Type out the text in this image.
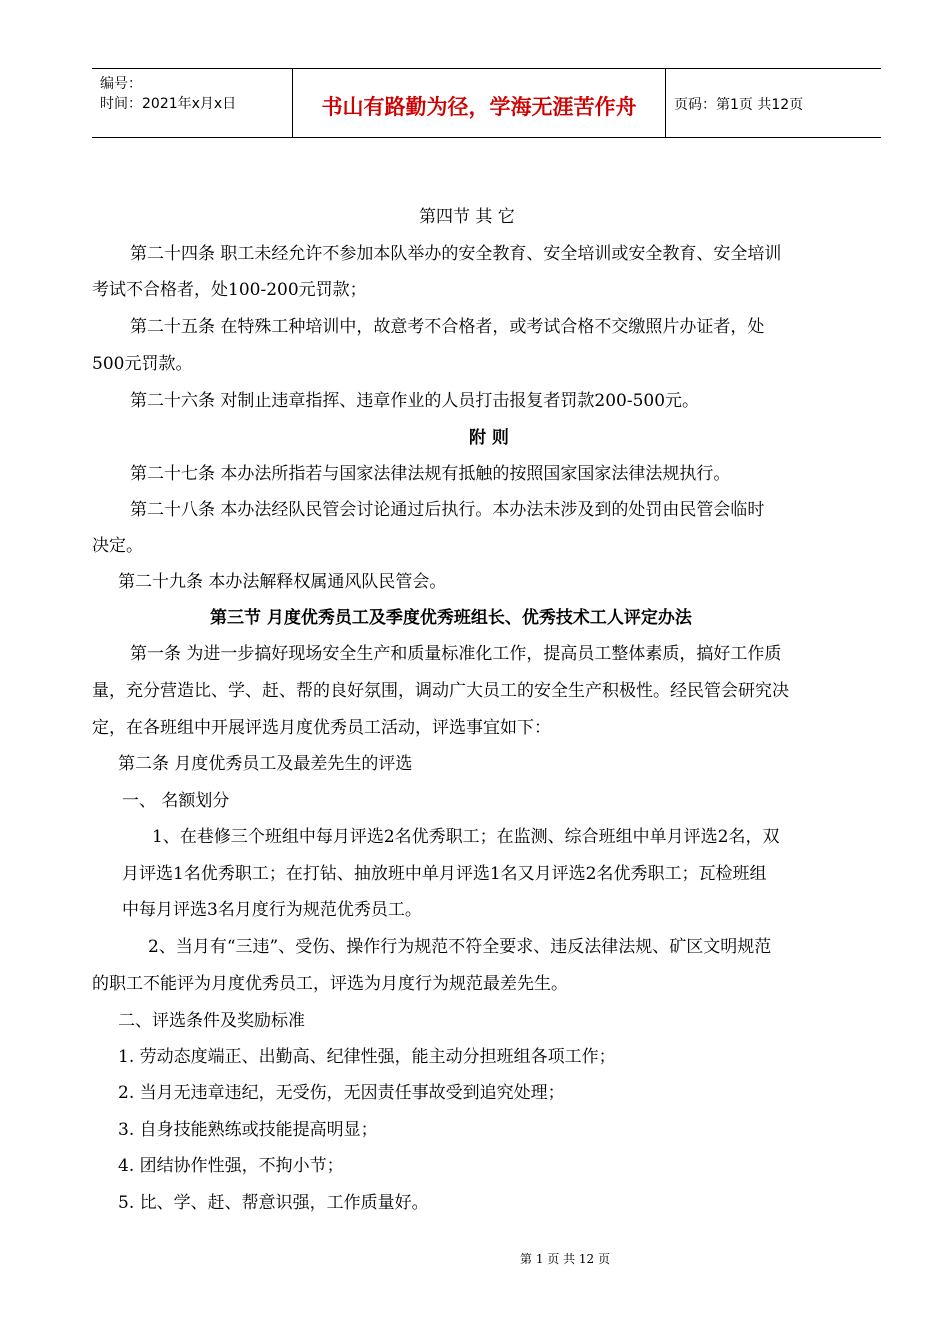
编号：
时间：2021年x月x日	书山有路勤为径，学海无涯苦作舟	页码：第1页 共12页
第四节 其 它
第二十四条 职工未经允许不参加本队举办的安全教育、安全培训或安全教育、安全培训
考试不合格者，处100-200元罚款；
第二十五条 在特殊工种培训中，故意考不合格者，或考试合格不交缴照片办证者，处
500元罚款。
第二十六条 对制止违章指挥、违章作业的人员打击报复者罚款200-500元。
附 则
第二十七条 本办法所指若与国家法律法规有抵触的按照国家国家法律法规执行。
第二十八条 本办法经队民管会讨论通过后执行。本办法未涉及到的处罚由民管会临时
决定。
第二十九条 本办法解释权属通风队民管会。
第三节 月度优秀员工及季度优秀班组长、优秀技术工人评定办法
第一条 为进一步搞好现场安全生产和质量标准化工作，提高员工整体素质，搞好工作质
量，充分营造比、学、赶、帮的良好氛围，调动广大员工的安全生产积极性。经民管会研究决
定，在各班组中开展评选月度优秀员工活动，评选事宜如下：
第二条 月度优秀员工及最差先生的评选
一、 名额划分
1、在巷修三个班组中每月评选2名优秀职工；在监测、综合班组中单月评选2名，双
月评选1名优秀职工；在打钻、抽放班中单月评选1名又月评选2名优秀职工；瓦检班组
中每月评选3名月度行为规范优秀员工。
2、当月有“三违”、受伤、操作行为规范不符全要求、违反法律法规、矿区文明规范
的职工不能评为月度优秀员工，评选为月度行为规范最差先生。
二、评选条件及奖励标准
1. 劳动态度端正、出勤高、纪律性强，能主动分担班组各项工作；
2. 当月无违章违纪，无受伤，无因责任事故受到追究处理；
3. 自身技能熟练或技能提高明显；
4. 团结协作性强，不拘小节；
5. 比、学、赶、帮意识强，工作质量好。
第 1 页 共 12 页
